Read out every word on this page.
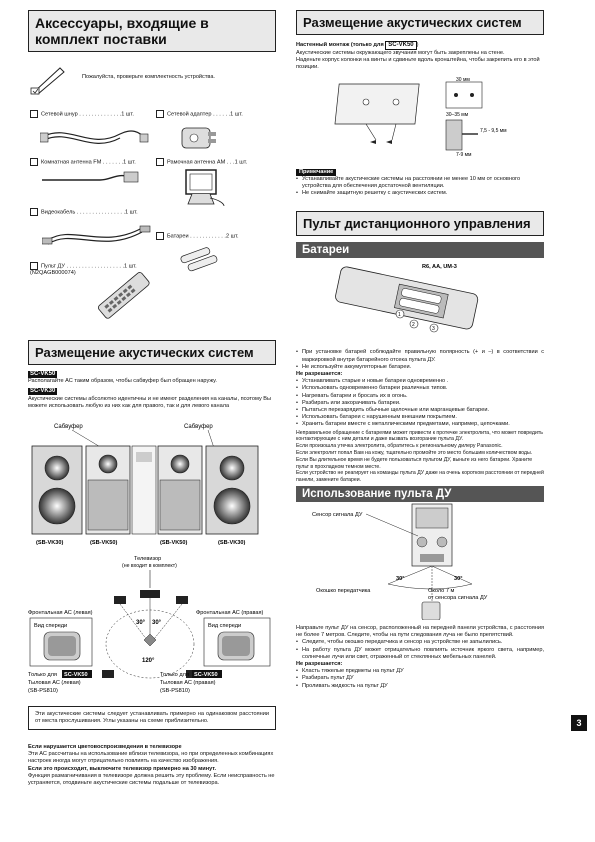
Аксессуары, входящие в комплект поставки
Пожалуйста, проверьте комплектность устройства.
Сетевой шнур . . . . . . . . . . . . . .1 шт.	Сетевой адаптер . . . . . .1 шт.
Комнатная антенна FM . . . . . . .1 шт.	Рамочная антенна AM . . .1 шт.
Видеокабель . . . . . . . . . . . . . . . .1 шт.
Батареи . . . . . . . . . . . .2 шт.
Пульт ДУ . . . . . . . . . . . . . . . . . . .1 шт.
(N2QAGB000074)
Размещение акустических систем
SC-VK50
Располагайте АС таким образом, чтобы сабвуфер был обращен наружу.
SC-VK30
Акустические системы абсолютно идентичны и не имеют разделения на каналы, поэтому Вы можете использовать любую из них как для правого, так и для левого канала
Сабвуфер	Сабвуфер
(SB-VK30)	(SB-VK50)	(SB-VK50)	(SB-VK30)
Телевизор
(не входит в комплект)
30° 30°
120°
Фронтальная АС (левая)	Фронтальная АС (правая)
Вид спереди	Вид спереди
Только для SC-VK50
Тыловая АС (левая)
(SB-PS810)
Только для SC-VK50
Тыловая АС (правая)
(SB-PS810)
Эти акустические системы следует устанавливать примерно на одинаковом расстоянии от места прослушивания. Углы указаны на схеме приблизительно.
Если нарушается цветовоспроизведения в телевизоре
Эти АС рассчитаны на использование вблизи телевизора, но при определенных комбинациях настроек иногда могут отрицательно повлиять на качество изображения.
Если это происходит, выключите телевизор примерно на 30 минут.
Функция размагничивания в телевизоре должна решить эту проблему. Если неисправность не устраняется, отодвиньте акустические системы подальше от телевизора.
Размещение акустических систем
Настенный монтаж (только для SC-VK50 )
Акустические системы окружающего звучания могут быть закреплены на стене.
Наденьте корпус колонки на винты и сдвиньте вдоль кронштейна, чтобы закрепить его в этой позиции.
30 мм
30–35 мм
7,5 - 9,5 мм
7-9 мм
Примечание
• Устанавливайте акустические системы на расстоянии не менее 10 мм от основного устройства для обеспечения достаточной вентиляции.
• Не снимайте защитную решетку с акустических систем.
Пульт дистанционного управления
Батареи
R6, AA, UM-3
1
2
3
• При установке батарей соблюдайте правильную полярность (+ и –) в соответствии с маркировкой внутри батарейного отсека пульта ДУ.
• Не используйте аккумуляторные батареи.
Не разрешается:
• Устанавливать старые и новые батареи одновременно .
• Использовать одновременно батареи различных типов.
• Нагревать батареи и бросать их в огонь.
• Разбирать или закорачивать батареи.
• Пытаться перезарядить обычные щелочные или марганцевые батареи.
• Использовать батареи с нарушенным внешним покрытием.
• Хранить батареи вместе с металлическими предметами, например, цепочками.
Неправильное обращение с батареями может привести к протечке электролита, что может повредить контактирующие с ним детали и даже вызвать возгорание пульта ДУ.
Если произошла утечка электролита, обратитесь к региональному дилеру Panasonic.
Если электролит попал Вам на кожу, тщательно промойте это место большим количеством воды.
Если Вы длительное время не будете пользоваться пультом ДУ, выньте из него батареи. Храните пульт в прохладном темном месте.
Если устройство не реагирует на команды пульта ДУ даже на очень коротком расстоянии от передней панели, замените батареи.
Использование пульта ДУ
Сенсор сигнала ДУ
30°	30°
Окошко передатчика	Около 7 м
от сенсора сигнала ДУ
Направьте пульт ДУ на сенсор, расположенный на передней панели устройства, с расстояния не более 7 метров. Следите, чтобы на пути следования луча не было препятствий.
• Следите, чтобы окошко передатчика и сенсор на устройстве не запылились.
• На работу пульта ДУ может отрицательно повлиять источник яркого света, например, солнечные лучи или свет, отраженный от стеклянных мебельных панелей.
Не разрешается:
• Класть тяжелые предметы на пульт ДУ
• Разбирать пульт ДУ
• Проливать жидкость на пульт ДУ
3
